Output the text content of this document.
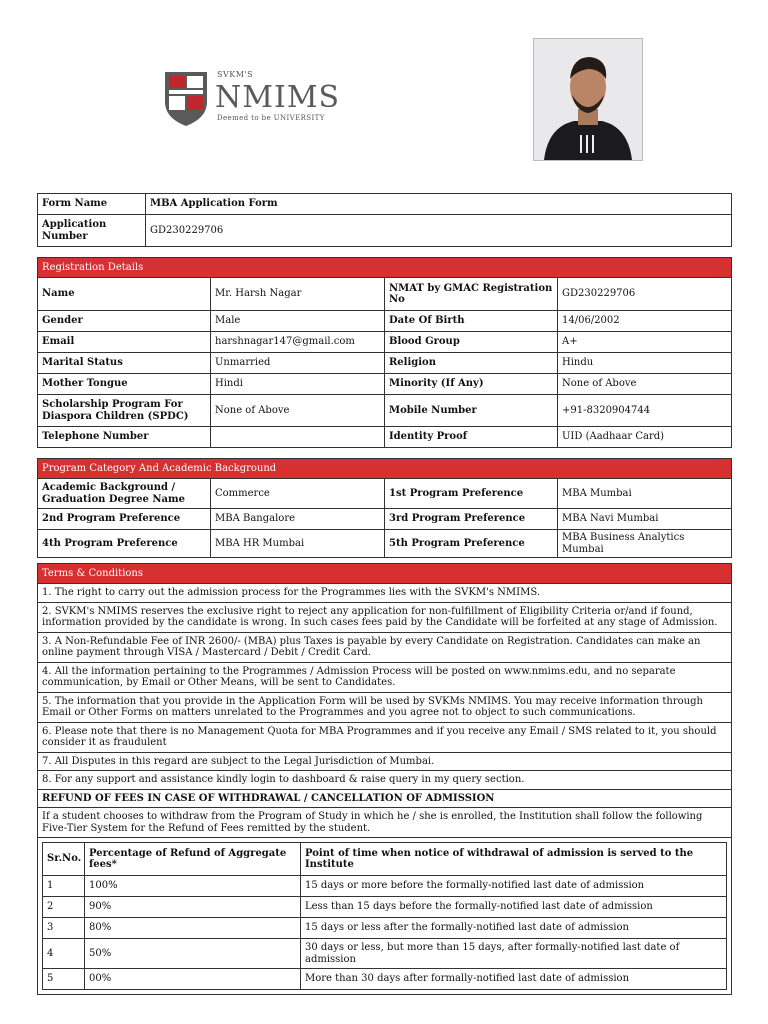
SVKM'S
NMIMS
Deemed to be UNIVERSITY
Form Name	MBA Application Form
Application Number	GD230229706
Registration Details			
Name	Mr. Harsh Nagar	NMAT by GMAC Registration No	GD230229706
Gender	Male	Date Of Birth	14/06/2002
Email	harshnagar147@gmail.com	Blood Group	A+
Marital Status	Unmarried	Religion	Hindu
Mother Tongue	Hindi	Minority (If Any)	None of Above
Scholarship Program For Diaspora Children (SPDC)	None of Above	Mobile Number	+91-8320904744
Telephone Number		Identity Proof	UID (Aadhaar Card)
Program Category And Academic Background			
Academic Background / Graduation Degree Name	Commerce	1st Program Preference	MBA Mumbai
2nd Program Preference	MBA Bangalore	3rd Program Preference	MBA Navi Mumbai
4th Program Preference	MBA HR Mumbai	5th Program Preference	MBA Business Analytics Mumbai
Terms & Conditions
1. The right to carry out the admission process for the Programmes lies with the SVKM's NMIMS.
2. SVKM's NMIMS reserves the exclusive right to reject any application for non-fulfillment of Eligibility Criteria or/and if found, information provided by the candidate is wrong. In such cases fees paid by the Candidate will be forfeited at any stage of Admission.
3. A Non-Refundable Fee of INR 2600/- (MBA) plus Taxes is payable by every Candidate on Registration. Candidates can make an online payment through VISA / Mastercard / Debit / Credit Card.
4. All the information pertaining to the Programmes / Admission Process will be posted on www.nmims.edu, and no separate communication, by Email or Other Means, will be sent to Candidates.
5. The information that you provide in the Application Form will be used by SVKMs NMIMS. You may receive information through Email or Other Forms on matters unrelated to the Programmes and you agree not to object to such communications.
6. Please note that there is no Management Quota for MBA Programmes and if you receive any Email / SMS related to it, you should consider it as fraudulent
7. All Disputes in this regard are subject to the Legal Jurisdiction of Mumbai.
8. For any support and assistance kindly login to dashboard & raise query in my query section.
REFUND OF FEES IN CASE OF WITHDRAWAL / CANCELLATION OF ADMISSION
If a student chooses to withdraw from the Program of Study in which he / she is enrolled, the Institution shall follow the following Five-Tier System for the Refund of Fees remitted by the student.

Sr.No.	Percentage of Refund of Aggregate fees*	Point of time when notice of withdrawal of admission is served to the Institute
1	100%	15 days or more before the formally-notified last date of admission
2	90%	Less than 15 days before the formally-notified last date of admission
3	80%	15 days or less after the formally-notified last date of admission
4	50%	30 days or less, but more than 15 days, after formally-notified last date of admission
5	00%	More than 30 days after formally-notified last date of admission
